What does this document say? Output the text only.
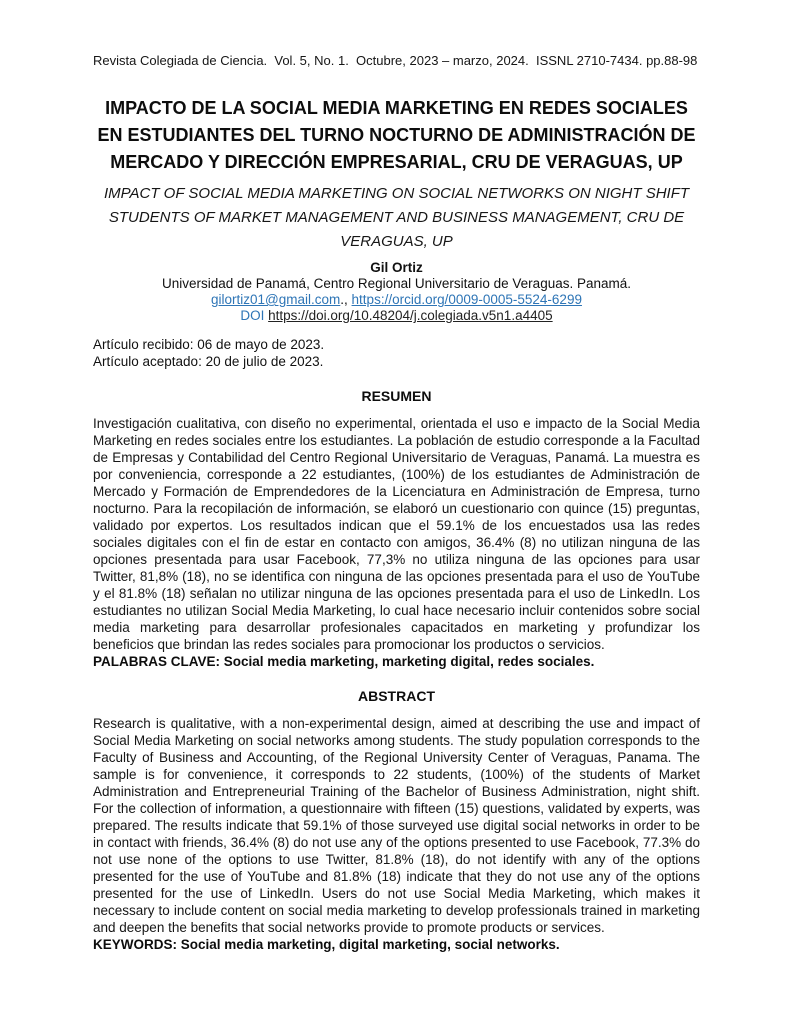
Revista Colegiada de Ciencia.  Vol. 5, No. 1.  Octubre, 2023 – marzo, 2024.  ISSNL 2710-7434. pp.88-98
IMPACTO DE LA SOCIAL MEDIA MARKETING EN REDES SOCIALES EN ESTUDIANTES DEL TURNO NOCTURNO DE ADMINISTRACIÓN DE MERCADO Y DIRECCIÓN EMPRESARIAL, CRU DE VERAGUAS, UP
IMPACT OF SOCIAL MEDIA MARKETING ON SOCIAL NETWORKS ON NIGHT SHIFT STUDENTS OF MARKET MANAGEMENT AND BUSINESS MANAGEMENT, CRU DE VERAGUAS, UP
Gil Ortiz
Universidad de Panamá, Centro Regional Universitario de Veraguas. Panamá.
gilortiz01@gmail.com., https://orcid.org/0009-0005-5524-6299
DOI https://doi.org/10.48204/j.colegiada.v5n1.a4405
Artículo recibido: 06 de mayo de 2023.
Artículo aceptado: 20 de julio de 2023.
RESUMEN

Investigación cualitativa, con diseño no experimental, orientada el uso e impacto de la Social Media Marketing en redes sociales entre los estudiantes. La población de estudio corresponde a la Facultad de Empresas y Contabilidad del Centro Regional Universitario de Veraguas, Panamá. La muestra es por conveniencia, corresponde a 22 estudiantes, (100%) de los estudiantes de Administración de Mercado y Formación de Emprendedores de la Licenciatura en Administración de Empresa, turno nocturno. Para la recopilación de información, se elaboró un cuestionario con quince (15) preguntas, validado por expertos. Los resultados indican que el 59.1% de los encuestados usa las redes sociales digitales con el fin de estar en contacto con amigos, 36.4% (8) no utilizan ninguna de las opciones presentada para usar Facebook, 77,3% no utiliza ninguna de las opciones para usar Twitter, 81,8% (18), no se identifica con ninguna de las opciones presentada para el uso de YouTube y el 81.8% (18) señalan no utilizar ninguna de las opciones presentada para el uso de LinkedIn. Los estudiantes no utilizan Social Media Marketing, lo cual hace necesario incluir contenidos sobre social media marketing para desarrollar profesionales capacitados en marketing y profundizar los beneficios que brindan las redes sociales para promocionar los productos o servicios.

PALABRAS CLAVE: Social media marketing, marketing digital, redes sociales.

ABSTRACT

Research is qualitative, with a non-experimental design, aimed at describing the use and impact of Social Media Marketing on social networks among students. The study population corresponds to the Faculty of Business and Accounting, of the Regional University Center of Veraguas, Panama. The sample is for convenience, it corresponds to 22 students, (100%) of the students of Market Administration and Entrepreneurial Training of the Bachelor of Business Administration, night shift. For the collection of information, a questionnaire with fifteen (15) questions, validated by experts, was prepared. The results indicate that 59.1% of those surveyed use digital social networks in order to be in contact with friends, 36.4% (8) do not use any of the options presented to use Facebook, 77.3% do not use none of the options to use Twitter, 81.8% (18), do not identify with any of the options presented for the use of YouTube and 81.8% (18) indicate that they do not use any of the options presented for the use of LinkedIn. Users do not use Social Media Marketing, which makes it necessary to include content on social media marketing to develop professionals trained in marketing and deepen the benefits that social networks provide to promote products or services.

KEYWORDS: Social media marketing, digital marketing, social networks.
